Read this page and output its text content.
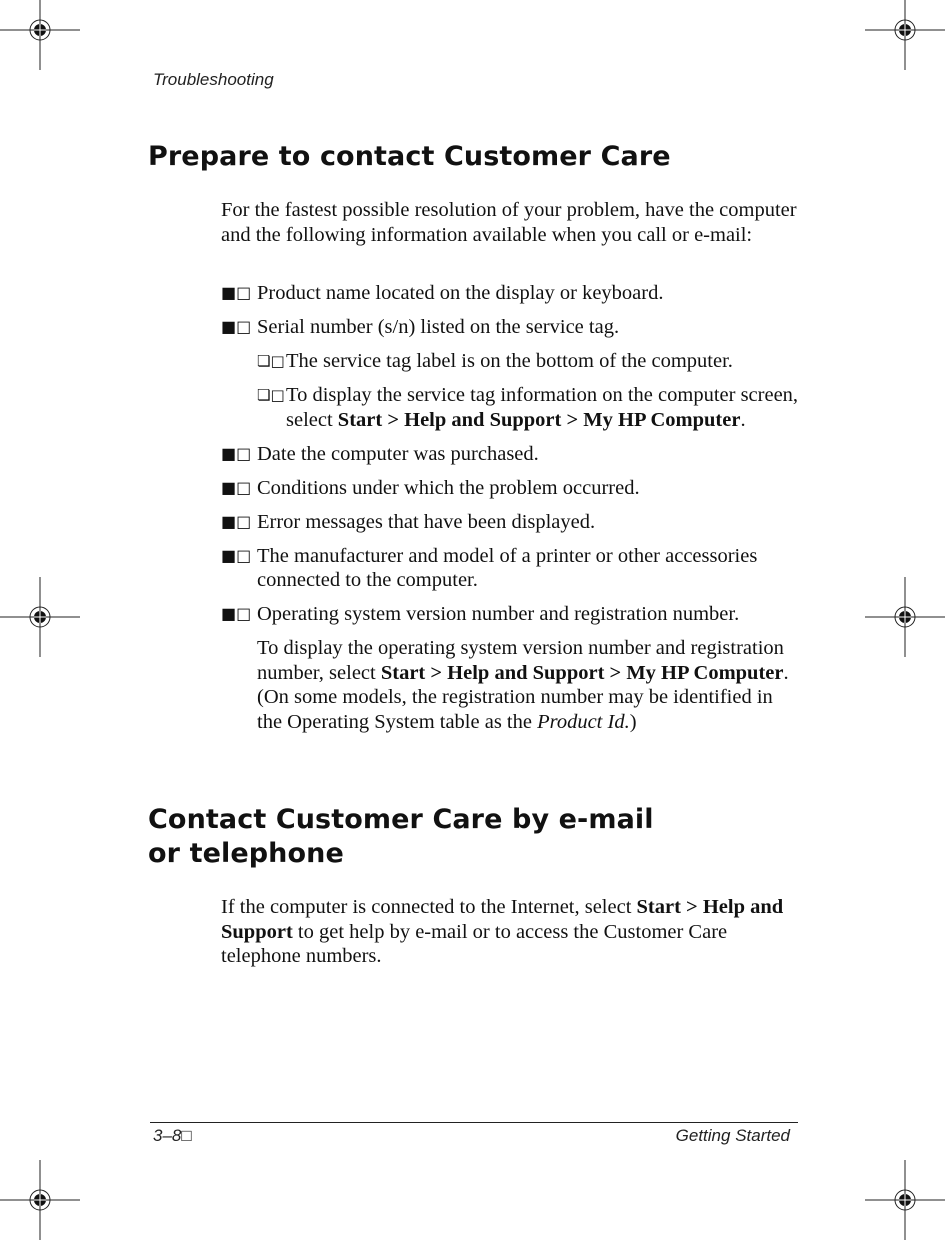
Troubleshooting
Prepare to contact Customer Care

For the fastest possible resolution of your problem, have the computer and the following information available when you call or e-mail:

■□ Product name located on the display or keyboard.
■□ Serial number (s/n) listed on the service tag.
❏□ The service tag label is on the bottom of the computer.
❏□ To display the service tag information on the computer screen, select Start > Help and Support > My HP Computer.
■□ Date the computer was purchased.
■□ Conditions under which the problem occurred.
■□ Error messages that have been displayed.
■□ The manufacturer and model of a printer or other accessories connected to the computer.
■□ Operating system version number and registration number.

To display the operating system version number and registration number, select Start > Help and Support > My HP Computer. (On some models, the registration number may be identified in the Operating System table as the Product Id.)

Contact Customer Care by e-mail
or telephone

If the computer is connected to the Internet, select Start > Help and Support to get help by e-mail or to access the Customer Care telephone numbers.

3–8□	Getting Started
